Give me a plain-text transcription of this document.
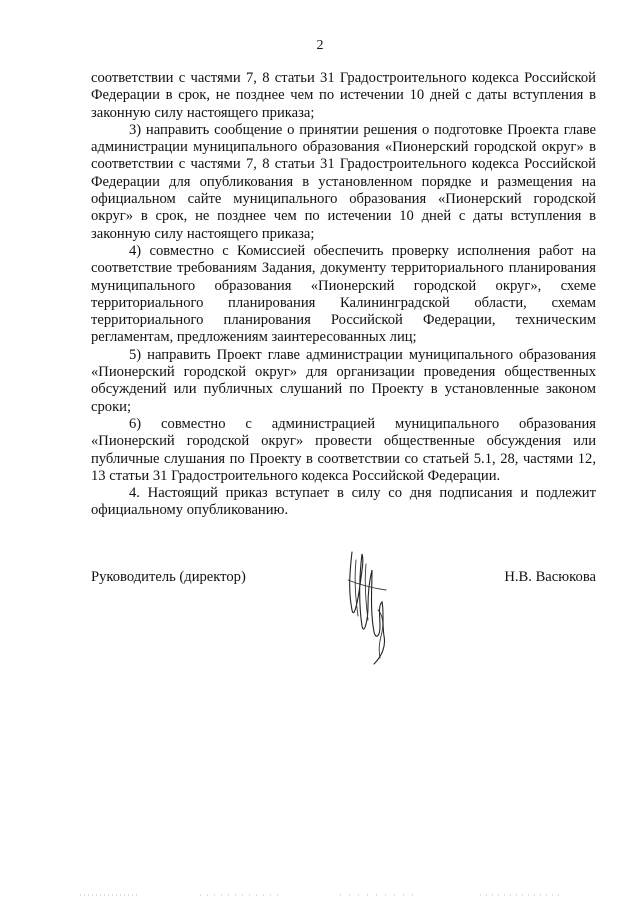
2

соответствии с частями 7, 8 статьи 31 Градостроительного кодекса Российской Федерации в срок, не позднее чем по истечении 10 дней с даты вступления в законную силу настоящего приказа;

3) направить сообщение о принятии решения о подготовке Проекта главе администрации муниципального образования «Пионерский городской округ» в соответствии с частями 7, 8 статьи 31 Градостроительного кодекса Российской Федерации для опубликования в установленном порядке и размещения на официальном сайте муниципального образования «Пионерский городской округ» в срок, не позднее чем по истечении 10 дней с даты вступления в законную силу настоящего приказа;

4) совместно с Комиссией обеспечить проверку исполнения работ на соответствие требованиям Задания, документу территориального планирования муниципального образования «Пионерский городской округ», схеме территориального планирования Калининградской области, схемам территориального планирования Российской Федерации, техническим регламентам, предложениям заинтересованных лиц;

5) направить Проект главе администрации муниципального образования «Пионерский городской округ» для организации проведения общественных обсуждений или публичных слушаний по Проекту в установленные законом сроки;

6) совместно с администрацией муниципального образования «Пионерский городской округ» провести общественные обсуждения или публичные слушания по Проекту в соответствии со статьей 5.1, 28, частями 12, 13 статьи 31 Градостроительного кодекса Российской Федерации.

4. Настоящий приказ вступает в силу со дня подписания и подлежит официальному опубликованию.

Руководитель (директор)	Н.В. Васюкова
